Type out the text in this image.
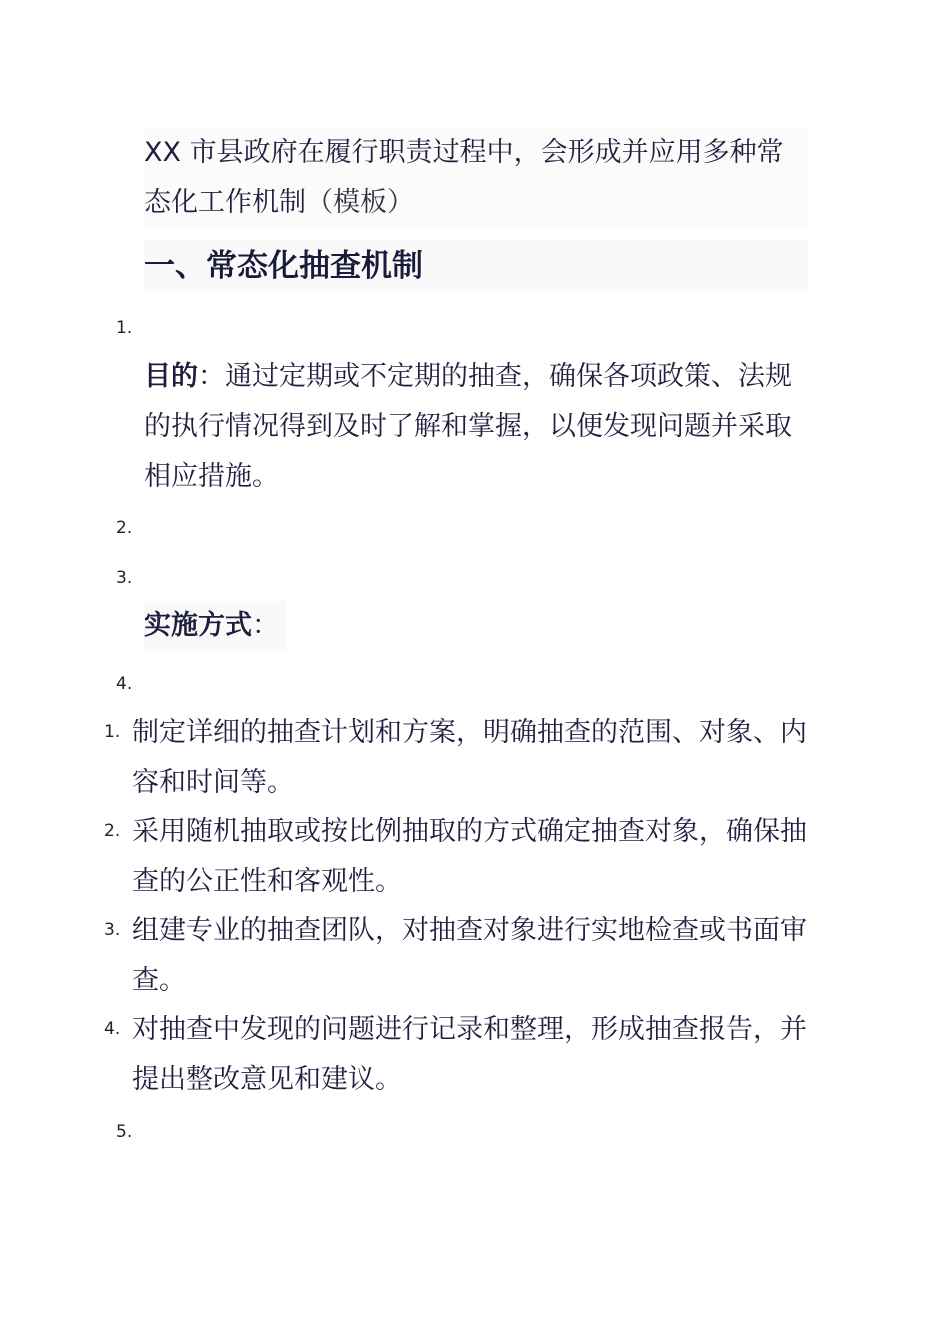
XX 市县政府在履行职责过程中，会形成并应用多种常态化工作机制（模板）
一、常态化抽查机制
1.
目的：通过定期或不定期的抽查，确保各项政策、法规的执行情况得到及时了解和掌握，以便发现问题并采取相应措施。
2.
3.
实施方式：
4.
1. 制定详细的抽查计划和方案，明确抽查的范围、对象、内容和时间等。
2. 采用随机抽取或按比例抽取的方式确定抽查对象，确保抽查的公正性和客观性。
3. 组建专业的抽查团队，对抽查对象进行实地检查或书面审查。
4. 对抽查中发现的问题进行记录和整理，形成抽查报告，并提出整改意见和建议。
5.
